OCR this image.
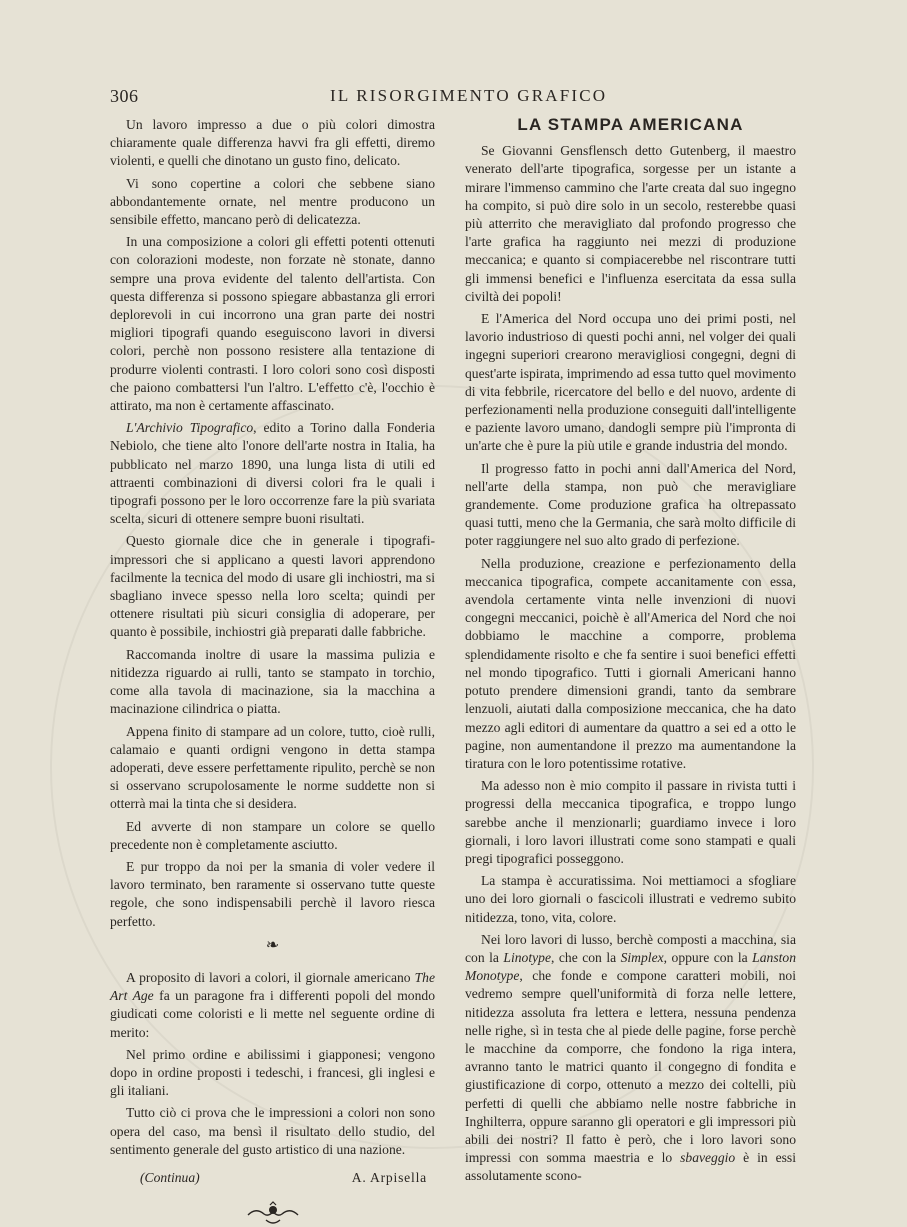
306	IL RISORGIMENTO GRAFICO

Un lavoro impresso a due o più colori dimostra chiaramente quale differenza havvi fra gli effetti, diremo violenti, e quelli che dinotano un gusto fino, delicato.

Vi sono copertine a colori che sebbene siano abbondantemente ornate, nel mentre producono un sensibile effetto, mancano però di delicatezza.

In una composizione a colori gli effetti potenti ottenuti con colorazioni modeste, non forzate nè stonate, danno sempre una prova evidente del talento dell'artista. Con questa differenza si possono spiegare abbastanza gli errori deplorevoli in cui incorrono una gran parte dei nostri migliori tipografi quando eseguiscono lavori in diversi colori, perchè non possono resistere alla tentazione di produrre violenti contrasti. I loro colori sono così disposti che paiono combattersi l'un l'altro. L'effetto c'è, l'occhio è attirato, ma non è certamente affascinato.

L'Archivio Tipografico, edito a Torino dalla Fonderia Nebiolo, che tiene alto l'onore dell'arte nostra in Italia, ha pubblicato nel marzo 1890, una lunga lista di utili ed attraenti combinazioni di diversi colori fra le quali i tipografi possono per le loro occorrenze fare la più svariata scelta, sicuri di ottenere sempre buoni risultati.

Questo giornale dice che in generale i tipografi-impressori che si applicano a questi lavori apprendono facilmente la tecnica del modo di usare gli inchiostri, ma si sbagliano invece spesso nella loro scelta; quindi per ottenere risultati più sicuri consiglia di adoperare, per quanto è possibile, inchiostri già preparati dalle fabbriche.

Raccomanda inoltre di usare la massima pulizia e nitidezza riguardo ai rulli, tanto se stampato in torchio, come alla tavola di macinazione, sia la macchina a macinazione cilindrica o piatta.

Appena finito di stampare ad un colore, tutto, cioè rulli, calamaio e quanti ordigni vengono in detta stampa adoperati, deve essere perfettamente ripulito, perchè se non si osservano scrupolosamente le norme suddette non si otterrà mai la tinta che si desidera.

Ed avverte di non stampare un colore se quello precedente non è completamente asciutto.

E pur troppo da noi per la smania di voler vedere il lavoro terminato, ben raramente si osservano tutte queste regole, che sono indispensabili perchè il lavoro riesca perfetto.

❧

A proposito di lavori a colori, il giornale americano The Art Age fa un paragone fra i differenti popoli del mondo giudicati come coloristi e li mette nel seguente ordine di merito:

Nel primo ordine e abilissimi i giapponesi; vengono dopo in ordine proposti i tedeschi, i francesi, gli inglesi e gli italiani.

Tutto ciò ci prova che le impressioni a colori non sono opera del caso, ma bensì il risultato dello studio, del sentimento generale del gusto artistico di una nazione.

(Continua)	A. Arpisella
LA STAMPA AMERICANA

Se Giovanni Gensflensch detto Gutenberg, il maestro venerato dell'arte tipografica, sorgesse per un istante a mirare l'immenso cammino che l'arte creata dal suo ingegno ha compito, si può dire solo in un secolo, resterebbe quasi più atterrito che meravigliato dal profondo progresso che l'arte grafica ha raggiunto nei mezzi di produzione meccanica; e quanto si compiacerebbe nel riscontrare tutti gli immensi benefici e l'influenza esercitata da essa sulla civiltà dei popoli!

E l'America del Nord occupa uno dei primi posti, nel lavorio industrioso di questi pochi anni, nel volger dei quali ingegni superiori crearono meravigliosi congegni, degni di quest'arte ispirata, imprimendo ad essa tutto quel movimento di vita febbrile, ricercatore del bello e del nuovo, ardente di perfezionamenti nella produzione conseguiti dall'intelligente e paziente lavoro umano, dandogli sempre più l'impronta di un'arte che è pure la più utile e grande industria del mondo.

Il progresso fatto in pochi anni dall'America del Nord, nell'arte della stampa, non può che meravigliare grandemente. Come produzione grafica ha oltrepassato quasi tutti, meno che la Germania, che sarà molto difficile di poter raggiungere nel suo alto grado di perfezione.

Nella produzione, creazione e perfezionamento della meccanica tipografica, compete accanitamente con essa, avendola certamente vinta nelle invenzioni di nuovi congegni meccanici, poichè è all'America del Nord che noi dobbiamo le macchine a comporre, problema splendidamente risolto e che fa sentire i suoi benefici effetti nel mondo tipografico. Tutti i giornali Americani hanno potuto prendere dimensioni grandi, tanto da sembrare lenzuoli, aiutati dalla composizione meccanica, che ha dato mezzo agli editori di aumentare da quattro a sei ed a otto le pagine, non aumentandone il prezzo ma aumentandone la tiratura con le loro potentissime rotative.

Ma adesso non è mio compito il passare in rivista tutti i progressi della meccanica tipografica, e troppo lungo sarebbe anche il menzionarli; guardiamo invece i loro giornali, i loro lavori illustrati come sono stampati e quali pregi tipografici posseggono.

La stampa è accuratissima. Noi mettiamoci a sfogliare uno dei loro giornali o fascicoli illustrati e vedremo subito nitidezza, tono, vita, colore.

Nei loro lavori di lusso, berchè composti a macchina, sia con la Linotype, che con la Simplex, oppure con la Lanston Monotype, che fonde e compone caratteri mobili, noi vedremo sempre quell'uniformità di forza nelle lettere, nitidezza assoluta fra lettera e lettera, nessuna pendenza nelle righe, sì in testa che al piede delle pagine, forse perchè le macchine da comporre, che fondono la riga intera, avranno tanto le matrici quanto il congegno di fondita e giustificazione di corpo, ottenuto a mezzo dei coltelli, più perfetti di quelli che abbiamo nelle nostre fabbriche in Inghilterra, oppure saranno gli operatori e gli impressori più abili dei nostri? Il fatto è però, che i loro lavori sono impressi con somma maestria e lo sbaveggio è in essi assolutamente scono-
